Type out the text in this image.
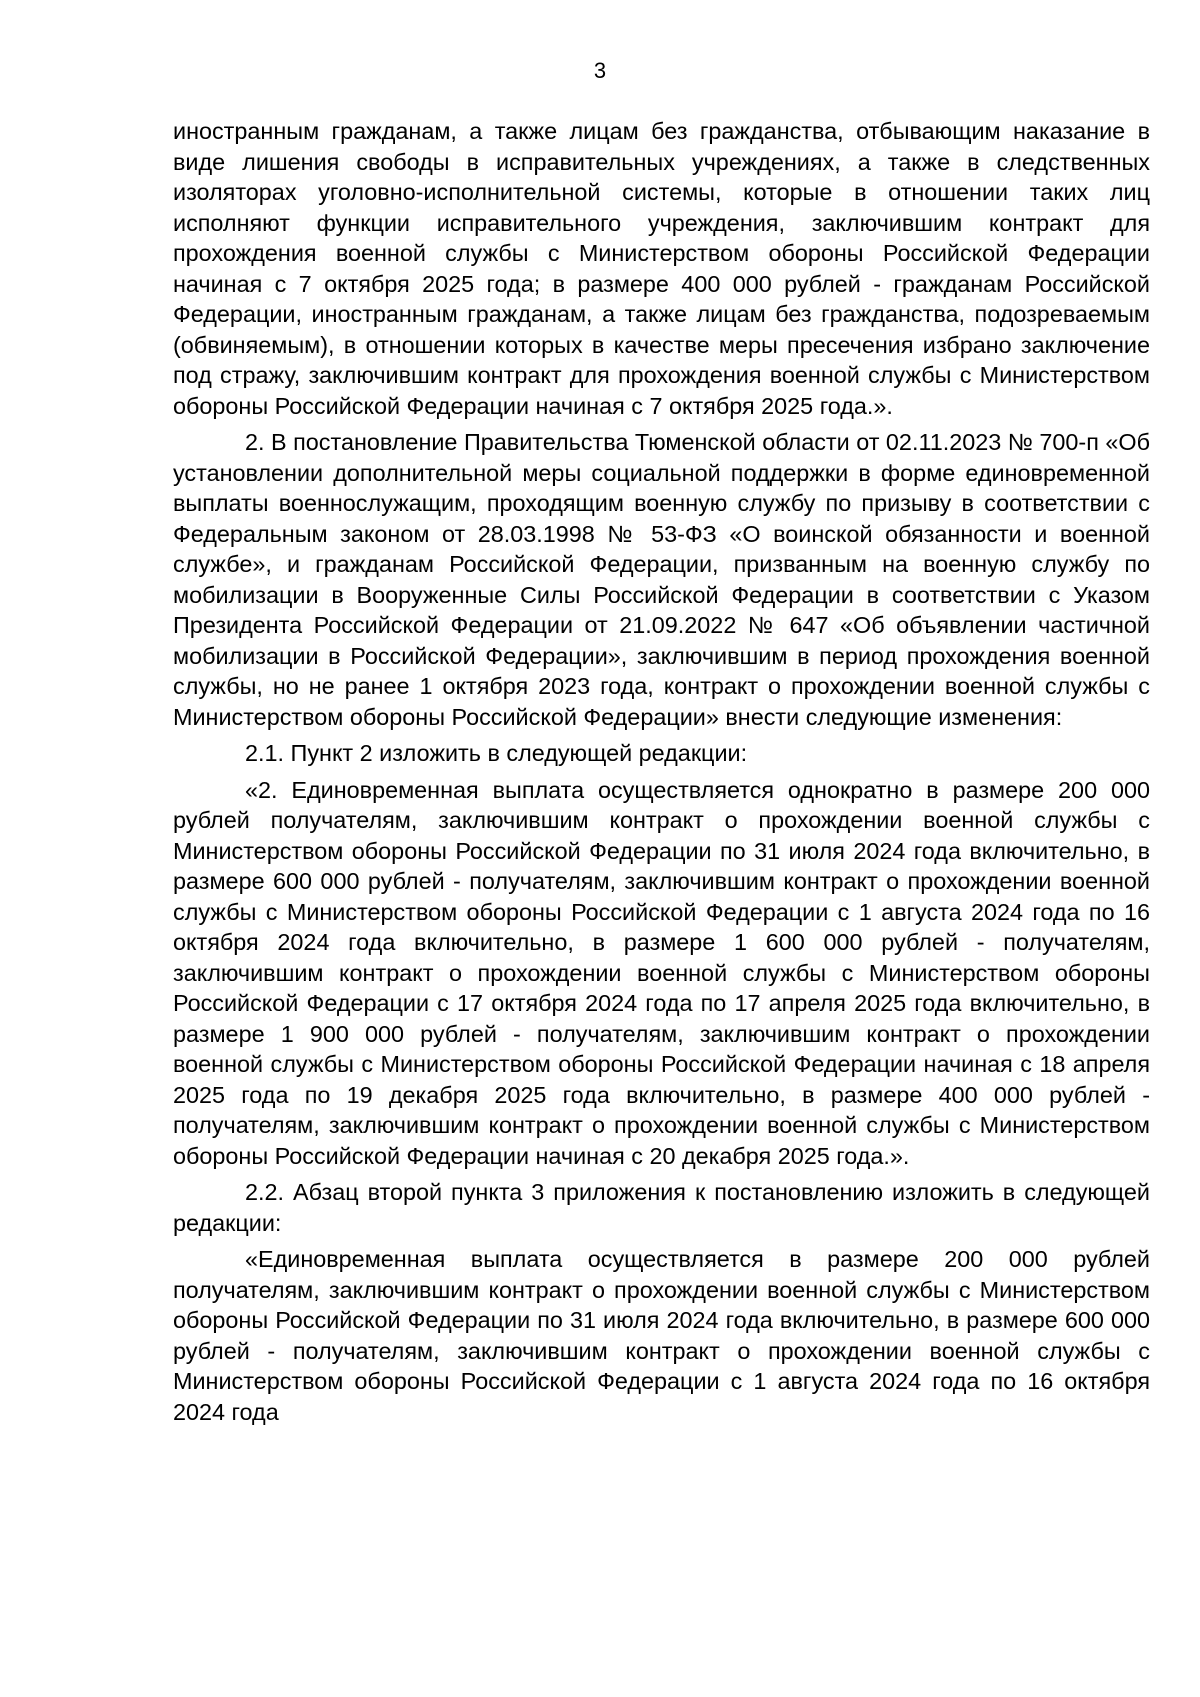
3

иностранным гражданам, а также лицам без гражданства, отбывающим наказание в виде лишения свободы в исправительных учреждениях, а также в следственных изоляторах уголовно-исполнительной системы, которые в отношении таких лиц исполняют функции исправительного учреждения, заключившим контракт для прохождения военной службы с Министерством обороны Российской Федерации начиная с 7 октября 2025 года; в размере 400 000 рублей - гражданам Российской Федерации, иностранным гражданам, а также лицам без гражданства, подозреваемым (обвиняемым), в отношении которых в качестве меры пресечения избрано заключение под стражу, заключившим контракт для прохождения военной службы с Министерством обороны Российской Федерации начиная с 7 октября 2025 года.».

2. В постановление Правительства Тюменской области от 02.11.2023 № 700-п «Об установлении дополнительной меры социальной поддержки в форме единовременной выплаты военнослужащим, проходящим военную службу по призыву в соответствии с Федеральным законом от 28.03.1998 № 53-ФЗ «О воинской обязанности и военной службе», и гражданам Российской Федерации, призванным на военную службу по мобилизации в Вооруженные Силы Российской Федерации в соответствии с Указом Президента Российской Федерации от 21.09.2022 № 647 «Об объявлении частичной мобилизации в Российской Федерации», заключившим в период прохождения военной службы, но не ранее 1 октября 2023 года, контракт о прохождении военной службы с Министерством обороны Российской Федерации» внести следующие изменения:

2.1. Пункт 2 изложить в следующей редакции:

«2. Единовременная выплата осуществляется однократно в размере 200 000 рублей получателям, заключившим контракт о прохождении военной службы с Министерством обороны Российской Федерации по 31 июля 2024 года включительно, в размере 600 000 рублей - получателям, заключившим контракт о прохождении военной службы с Министерством обороны Российской Федерации с 1 августа 2024 года по 16 октября 2024 года включительно, в размере 1 600 000 рублей - получателям, заключившим контракт о прохождении военной службы с Министерством обороны Российской Федерации с 17 октября 2024 года по 17 апреля 2025 года включительно, в размере 1 900 000 рублей - получателям, заключившим контракт о прохождении военной службы с Министерством обороны Российской Федерации начиная с 18 апреля 2025 года по 19 декабря 2025 года включительно, в размере 400 000 рублей - получателям, заключившим контракт о прохождении военной службы с Министерством обороны Российской Федерации начиная с 20 декабря 2025 года.».

2.2. Абзац второй пункта 3 приложения к постановлению изложить в следующей редакции:

«Единовременная выплата осуществляется в размере 200 000 рублей получателям, заключившим контракт о прохождении военной службы с Министерством обороны Российской Федерации по 31 июля 2024 года включительно, в размере 600 000 рублей - получателям, заключившим контракт о прохождении военной службы с Министерством обороны Российской Федерации с 1 августа 2024 года по 16 октября 2024 года
